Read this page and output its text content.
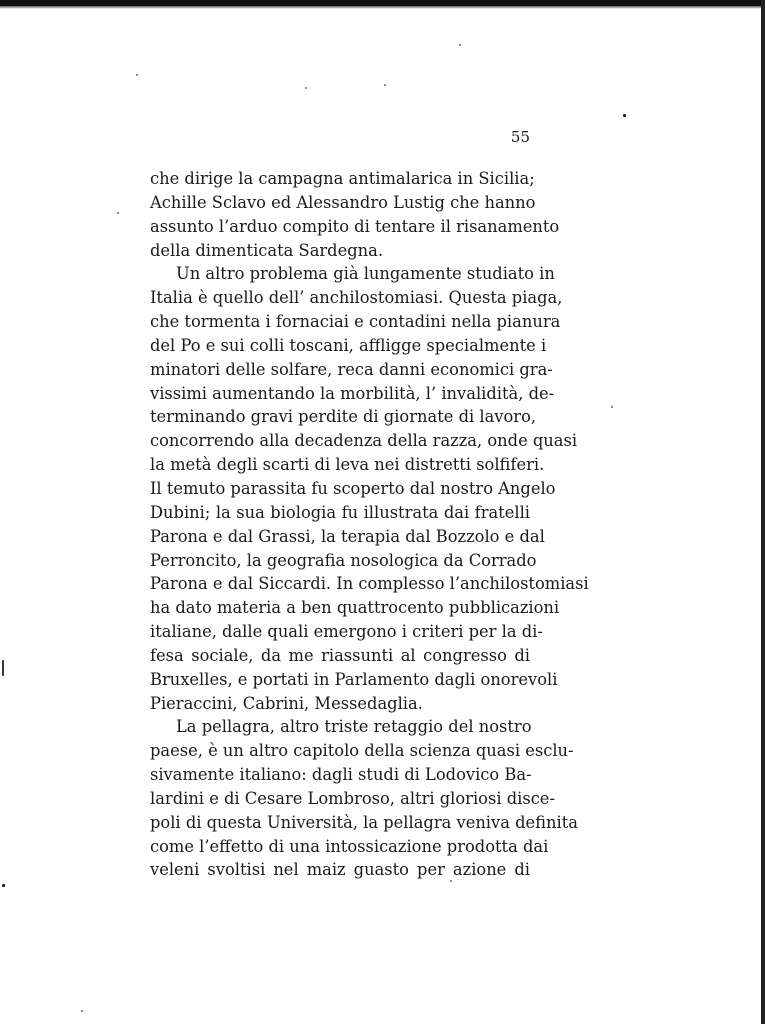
55
che dirige la campagna antimalarica in Sicilia;
Achille Sclavo ed Alessandro Lustig che hanno
assunto l’arduo compito di tentare il risanamento
della dimenticata Sardegna.
Un altro problema già lungamente studiato in
Italia è quello dell’ anchilostomiasi. Questa piaga,
che tormenta i fornaciai e contadini nella pianura
del Po e sui colli toscani, affligge specialmente i
minatori delle solfare, reca danni economici gra-
vissimi aumentando la morbilità, l’ invalidità, de-
terminando gravi perdite di giornate di lavoro,
concorrendo alla decadenza della razza, onde quasi
la metà degli scarti di leva nei distretti solfiferi.
Il temuto parassita fu scoperto dal nostro Angelo
Dubini; la sua biologia fu illustrata dai fratelli
Parona e dal Grassi, la terapia dal Bozzolo e dal
Perroncito, la geografia nosologica da Corrado
Parona e dal Siccardi. In complesso l’anchilostomiasi
ha dato materia a ben quattrocento pubblicazioni
italiane, dalle quali emergono i criteri per la di-
fesa sociale, da me riassunti al congresso di
Bruxelles, e portati in Parlamento dagli onorevoli
Pieraccini, Cabrini, Messedaglia.
La pellagra, altro triste retaggio del nostro
paese, è un altro capitolo della scienza quasi esclu-
sivamente italiano: dagli studi di Lodovico Ba-
lardini e di Cesare Lombroso, altri gloriosi disce-
poli di questa Università, la pellagra veniva definita
come l’effetto di una intossicazione prodotta dai
veleni svoltisi nel maiz guasto per azione di
